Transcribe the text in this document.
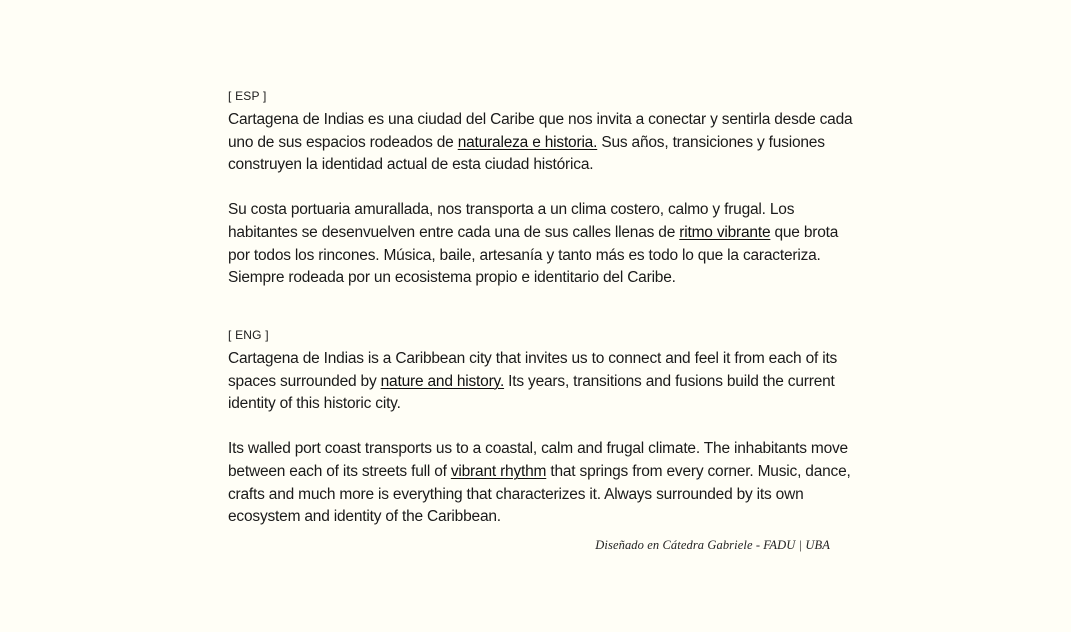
[ ESP ]

Cartagena de Indias es una ciudad del Caribe que nos invita a conectar y sentirla desde cada uno de sus espacios rodeados de naturaleza e historia. Sus años, transiciones y fusiones construyen la identidad actual de esta ciudad histórica.

Su costa portuaria amurallada, nos transporta a un clima costero, calmo y frugal. Los habitantes se desenvuelven entre cada una de sus calles llenas de ritmo vibrante que brota por todos los rincones. Música, baile, artesanía y tanto más es todo lo que la caracteriza. Siempre rodeada por un ecosistema propio e identitario del Caribe.

[ ENG ]

Cartagena de Indias is a Caribbean city that invites us to connect and feel it from each of its spaces surrounded by nature and history. Its years, transitions and fusions build the current identity of this historic city.

Its walled port coast transports us to a coastal, calm and frugal climate. The inhabitants move between each of its streets full of vibrant rhythm that springs from every corner. Music, dance, crafts and much more is everything that characterizes it. Always surrounded by its own ecosystem and identity of the Caribbean.

Diseñado en Cátedra Gabriele - FADU | UBA
